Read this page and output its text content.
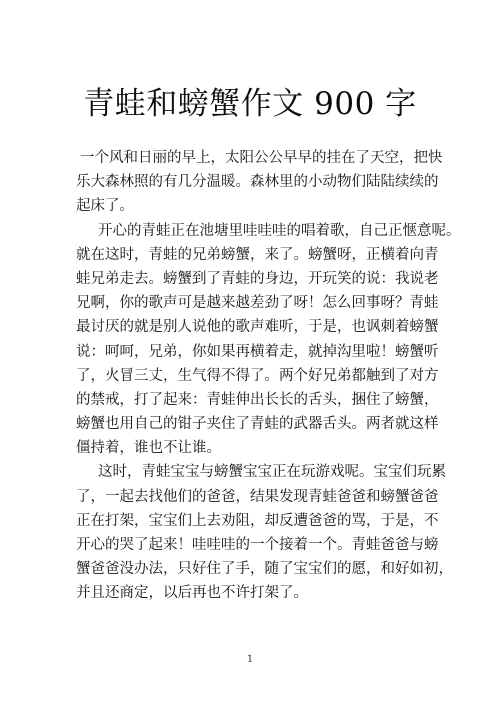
青蛙和螃蟹作文 900 字
一个风和日丽的早上，太阳公公早早的挂在了天空，把快
乐大森林照的有几分温暖。森林里的小动物们陆陆续续的
起床了。
开心的青蛙正在池塘里哇哇哇的唱着歌，自己正惬意呢。
就在这时，青蛙的兄弟螃蟹，来了。螃蟹呀，正横着向青
蛙兄弟走去。螃蟹到了青蛙的身边，开玩笑的说：我说老
兄啊，你的歌声可是越来越差劲了呀！怎么回事呀？青蛙
最讨厌的就是别人说他的歌声难听，于是，也讽刺着螃蟹
说：呵呵，兄弟，你如果再横着走，就掉沟里啦！螃蟹听
了，火冒三丈，生气得不得了。两个好兄弟都触到了对方
的禁戒，打了起来：青蛙伸出长长的舌头，捆住了螃蟹，
螃蟹也用自己的钳子夹住了青蛙的武器舌头。两者就这样
僵持着，谁也不让谁。
这时，青蛙宝宝与螃蟹宝宝正在玩游戏呢。宝宝们玩累
了，一起去找他们的爸爸，结果发现青蛙爸爸和螃蟹爸爸
正在打架，宝宝们上去劝阻，却反遭爸爸的骂，于是，不
开心的哭了起来！哇哇哇的一个接着一个。青蛙爸爸与螃
蟹爸爸没办法，只好住了手，随了宝宝们的愿，和好如初，
并且还商定，以后再也不许打架了。
1
